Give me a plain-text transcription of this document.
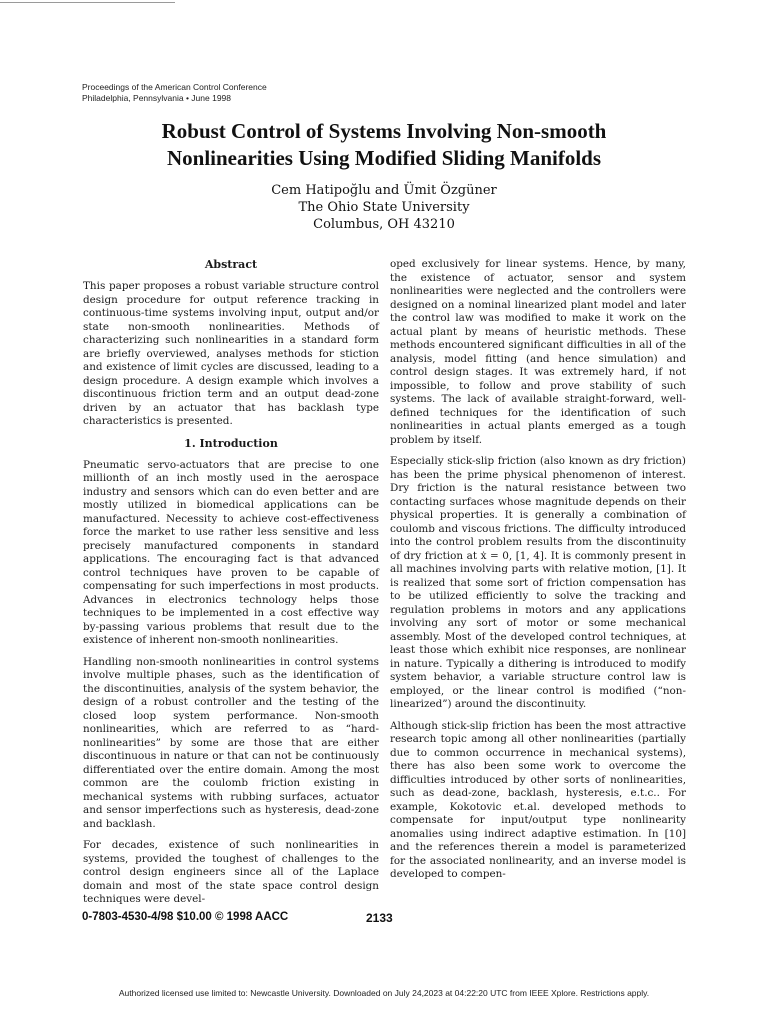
Proceedings of the American Control Conference
Philadelphia, Pennsylvania • June 1998
Robust Control of Systems Involving Non-smooth
Nonlinearities Using Modified Sliding Manifolds
Cem Hatipoğlu and Ümit Özgüner
The Ohio State University
Columbus, OH 43210
Abstract

This paper proposes a robust variable structure control design procedure for output reference tracking in continuous-time systems involving input, output and/or state non-smooth nonlinearities. Methods of characterizing such nonlinearities in a standard form are briefly overviewed, analyses methods for stiction and existence of limit cycles are discussed, leading to a design procedure. A design example which involves a discontinuous friction term and an output dead-zone driven by an actuator that has backlash type characteristics is presented.

1. Introduction

Pneumatic servo-actuators that are precise to one millionth of an inch mostly used in the aerospace industry and sensors which can do even better and are mostly utilized in biomedical applications can be manufactured. Necessity to achieve cost-effectiveness force the market to use rather less sensitive and less precisely manufactured components in standard applications. The encouraging fact is that advanced control techniques have proven to be capable of compensating for such imperfections in most products. Advances in electronics technology helps those techniques to be implemented in a cost effective way by-passing various problems that result due to the existence of inherent non-smooth nonlinearities.

Handling non-smooth nonlinearities in control systems involve multiple phases, such as the identification of the discontinuities, analysis of the system behavior, the design of a robust controller and the testing of the closed loop system performance. Non-smooth nonlinearities, which are referred to as “hard-nonlinearities” by some are those that are either discontinuous in nature or that can not be continuously differentiated over the entire domain. Among the most common are the coulomb friction existing in mechanical systems with rubbing surfaces, actuator and sensor imperfections such as hysteresis, dead-zone and backlash.

For decades, existence of such nonlinearities in systems, provided the toughest of challenges to the control design engineers since all of the Laplace domain and most of the state space control design techniques were devel-

oped exclusively for linear systems. Hence, by many, the existence of actuator, sensor and system nonlinearities were neglected and the controllers were designed on a nominal linearized plant model and later the control law was modified to make it work on the actual plant by means of heuristic methods. These methods encountered significant difficulties in all of the analysis, model fitting (and hence simulation) and control design stages. It was extremely hard, if not impossible, to follow and prove stability of such systems. The lack of available straight-forward, well-defined techniques for the identification of such nonlinearities in actual plants emerged as a tough problem by itself.

Especially stick-slip friction (also known as dry friction) has been the prime physical phenomenon of interest. Dry friction is the natural resistance between two contacting surfaces whose magnitude depends on their physical properties. It is generally a combination of coulomb and viscous frictions. The difficulty introduced into the control problem results from the discontinuity of dry friction at ẋ = 0, [1, 4]. It is commonly present in all machines involving parts with relative motion, [1]. It is realized that some sort of friction compensation has to be utilized efficiently to solve the tracking and regulation problems in motors and any applications involving any sort of motor or some mechanical assembly. Most of the developed control techniques, at least those which exhibit nice responses, are nonlinear in nature. Typically a dithering is introduced to modify system behavior, a variable structure control law is employed, or the linear control is modified (“non-linearized”) around the discontinuity.

Although stick-slip friction has been the most attractive research topic among all other nonlinearities (partially due to common occurrence in mechanical systems), there has also been some work to overcome the difficulties introduced by other sorts of nonlinearities, such as dead-zone, backlash, hysteresis, e.t.c.. For example, Kokotovic et.al. developed methods to compensate for input/output type nonlinearity anomalies using indirect adaptive estimation. In [10] and the references therein a model is parameterized for the associated nonlinearity, and an inverse model is developed to compen-

0-7803-4530-4/98 $10.00 © 1998 AACC	2133
Authorized licensed use limited to: Newcastle University. Downloaded on July 24,2023 at 04:22:20 UTC from IEEE Xplore. Restrictions apply.
